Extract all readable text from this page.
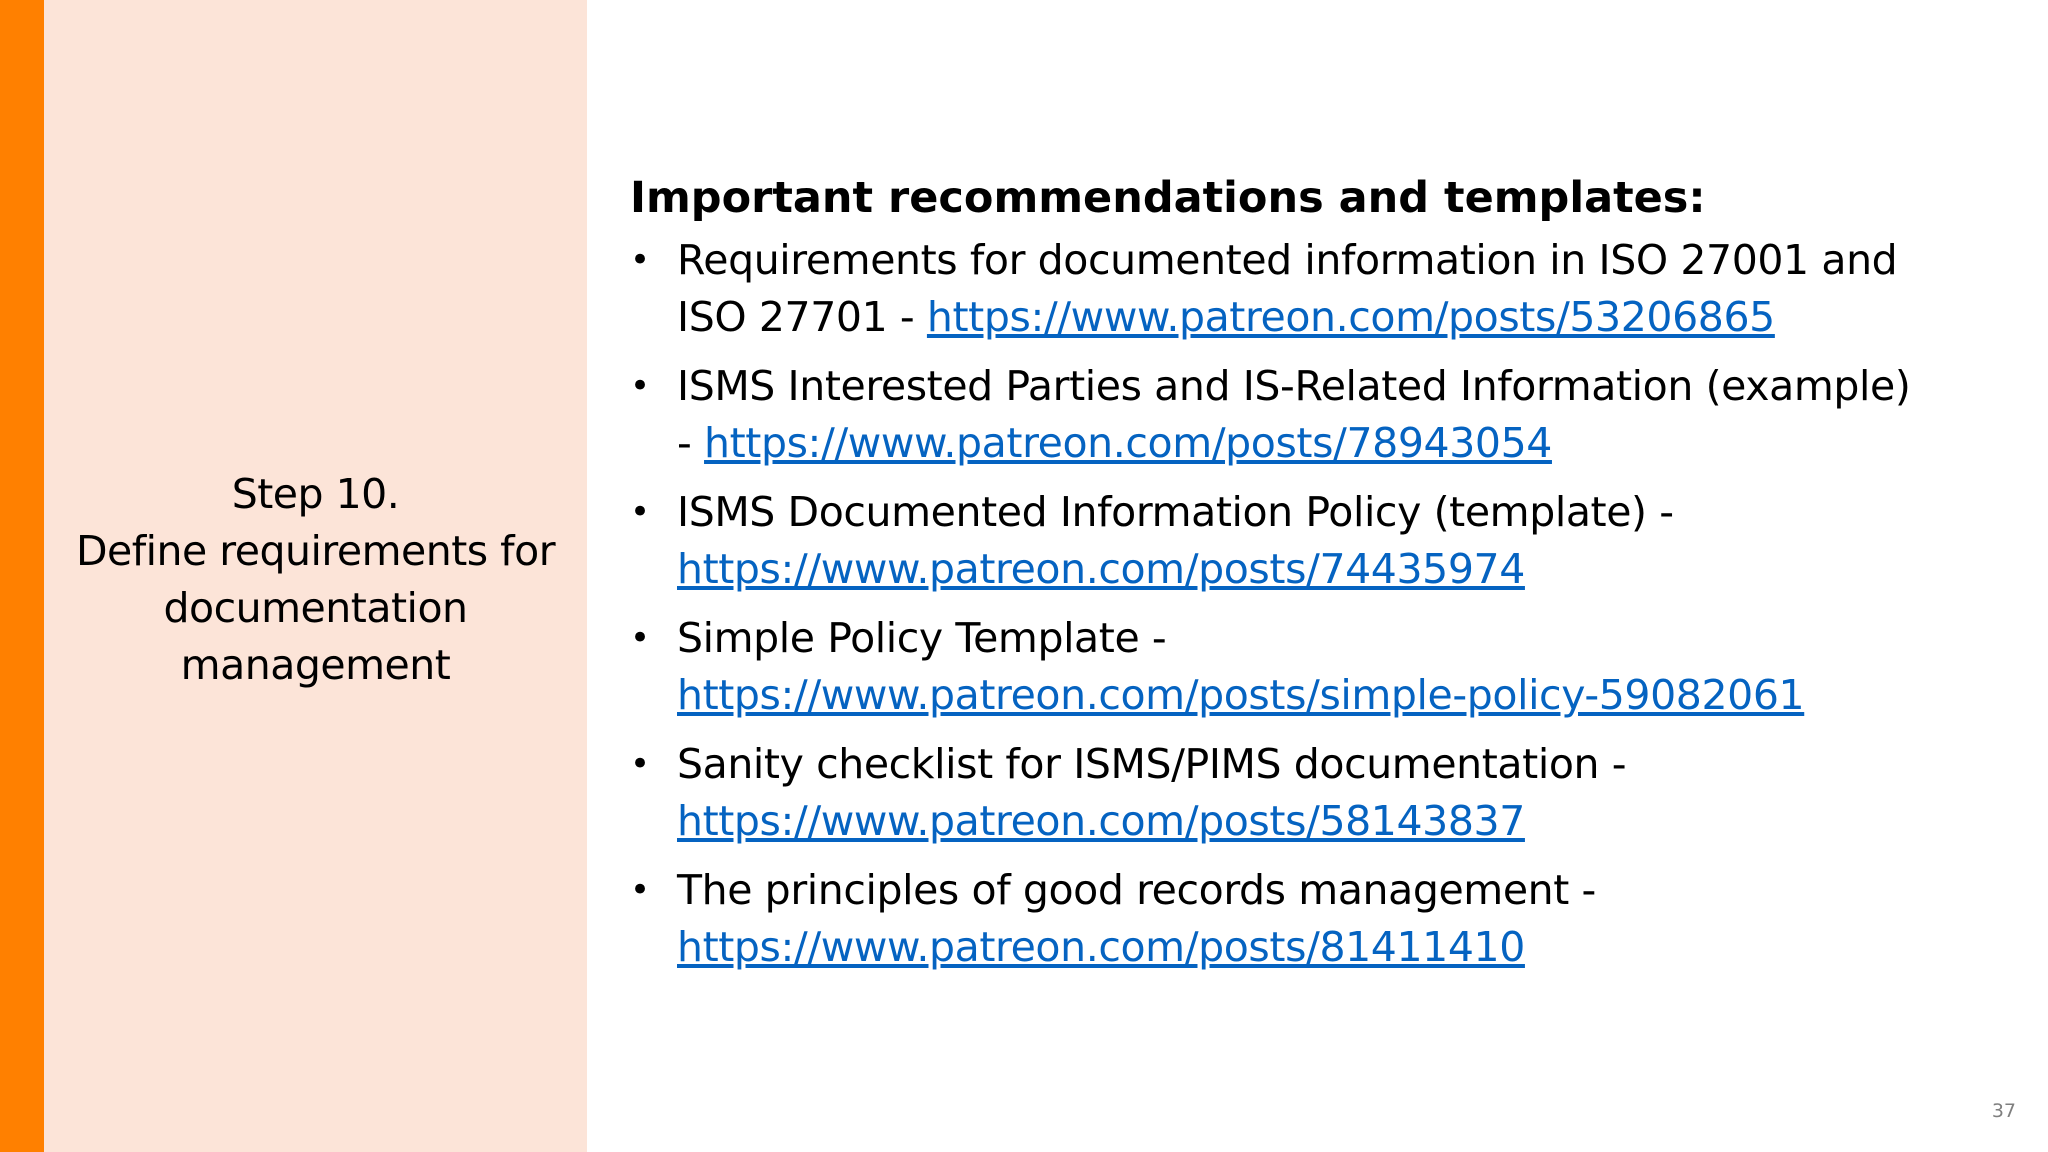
Step 10.
Define requirements for
documentation
management
Important recommendations and templates:
• Requirements for documented information in ISO 27001 and
ISO 27701 - https://www.patreon.com/posts/53206865
• ISMS Interested Parties and IS-Related Information (example)
- https://www.patreon.com/posts/78943054
• ISMS Documented Information Policy (template) -
https://www.patreon.com/posts/74435974
• Simple Policy Template -
https://www.patreon.com/posts/simple-policy-59082061
• Sanity checklist for ISMS/PIMS documentation -
https://www.patreon.com/posts/58143837
• The principles of good records management -
https://www.patreon.com/posts/81411410
37
